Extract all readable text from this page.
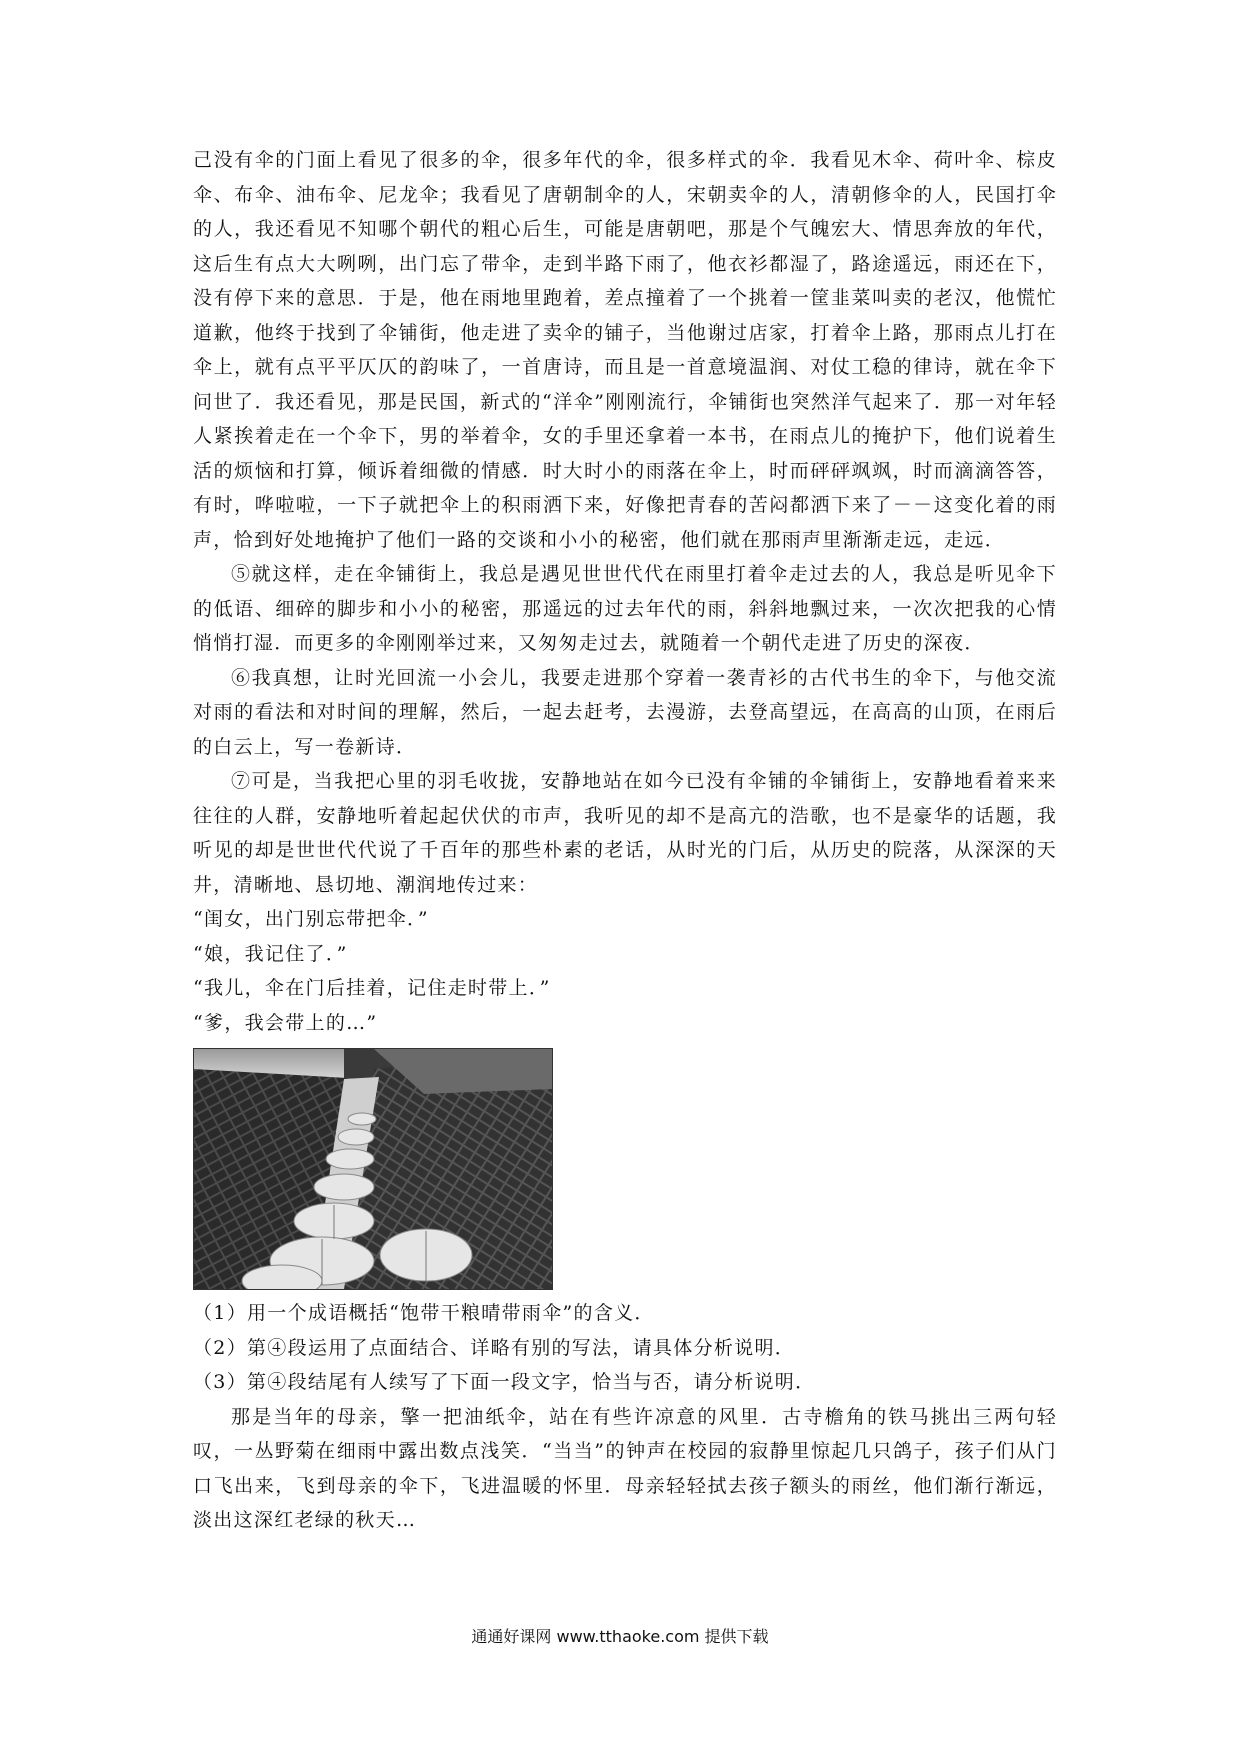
己没有伞的门面上看见了很多的伞，很多年代的伞，很多样式的伞．我看见木伞、荷叶伞、棕皮伞、布伞、油布伞、尼龙伞；我看见了唐朝制伞的人，宋朝卖伞的人，清朝修伞的人，民国打伞的人，我还看见不知哪个朝代的粗心后生，可能是唐朝吧，那是个气魄宏大、情思奔放的年代，这后生有点大大咧咧，出门忘了带伞，走到半路下雨了，他衣衫都湿了，路途遥远，雨还在下，没有停下来的意思．于是，他在雨地里跑着，差点撞着了一个挑着一筐韭菜叫卖的老汉，他慌忙道歉，他终于找到了伞铺街，他走进了卖伞的铺子，当他谢过店家，打着伞上路，那雨点儿打在伞上，就有点平平仄仄的韵味了，一首唐诗，而且是一首意境温润、对仗工稳的律诗，就在伞下问世了．我还看见，那是民国，新式的“洋伞”刚刚流行，伞铺街也突然洋气起来了．那一对年轻人紧挨着走在一个伞下，男的举着伞，女的手里还拿着一本书，在雨点儿的掩护下，他们说着生活的烦恼和打算，倾诉着细微的情感．时大时小的雨落在伞上，时而砰砰飒飒，时而滴滴答答，有时，哗啦啦，一下子就把伞上的积雨洒下来，好像把青春的苦闷都洒下来了－－这变化着的雨声，恰到好处地掩护了他们一路的交谈和小小的秘密，他们就在那雨声里渐渐走远，走远．

⑤就这样，走在伞铺街上，我总是遇见世世代代在雨里打着伞走过去的人，我总是听见伞下的低语、细碎的脚步和小小的秘密，那遥远的过去年代的雨，斜斜地飘过来，一次次把我的心情悄悄打湿．而更多的伞刚刚举过来，又匆匆走过去，就随着一个朝代走进了历史的深夜．

⑥我真想，让时光回流一小会儿，我要走进那个穿着一袭青衫的古代书生的伞下，与他交流对雨的看法和对时间的理解，然后，一起去赶考，去漫游，去登高望远，在高高的山顶，在雨后的白云上，写一卷新诗．

⑦可是，当我把心里的羽毛收拢，安静地站在如今已没有伞铺的伞铺街上，安静地看着来来往往的人群，安静地听着起起伏伏的市声，我听见的却不是高亢的浩歌，也不是豪华的话题，我听见的却是世世代代说了千百年的那些朴素的老话，从时光的门后，从历史的院落，从深深的天井，清晰地、恳切地、潮润地传过来：

“闺女，出门别忘带把伞．”

“娘，我记住了．”

“我儿，伞在门后挂着，记住走时带上．”

“爹，我会带上的…”

（1）用一个成语概括“饱带干粮晴带雨伞”的含义．

（2）第④段运用了点面结合、详略有别的写法，请具体分析说明．

（3）第④段结尾有人续写了下面一段文字，恰当与否，请分析说明．

那是当年的母亲，擎一把油纸伞，站在有些许凉意的风里．古寺檐角的铁马挑出三两句轻叹，一丛野菊在细雨中露出数点浅笑．“当当”的钟声在校园的寂静里惊起几只鸽子，孩子们从门口飞出来，飞到母亲的伞下，飞进温暖的怀里．母亲轻轻拭去孩子额头的雨丝，他们渐行渐远，淡出这深红老绿的秋天…

通通好课网 www.tthaoke.com 提供下载
